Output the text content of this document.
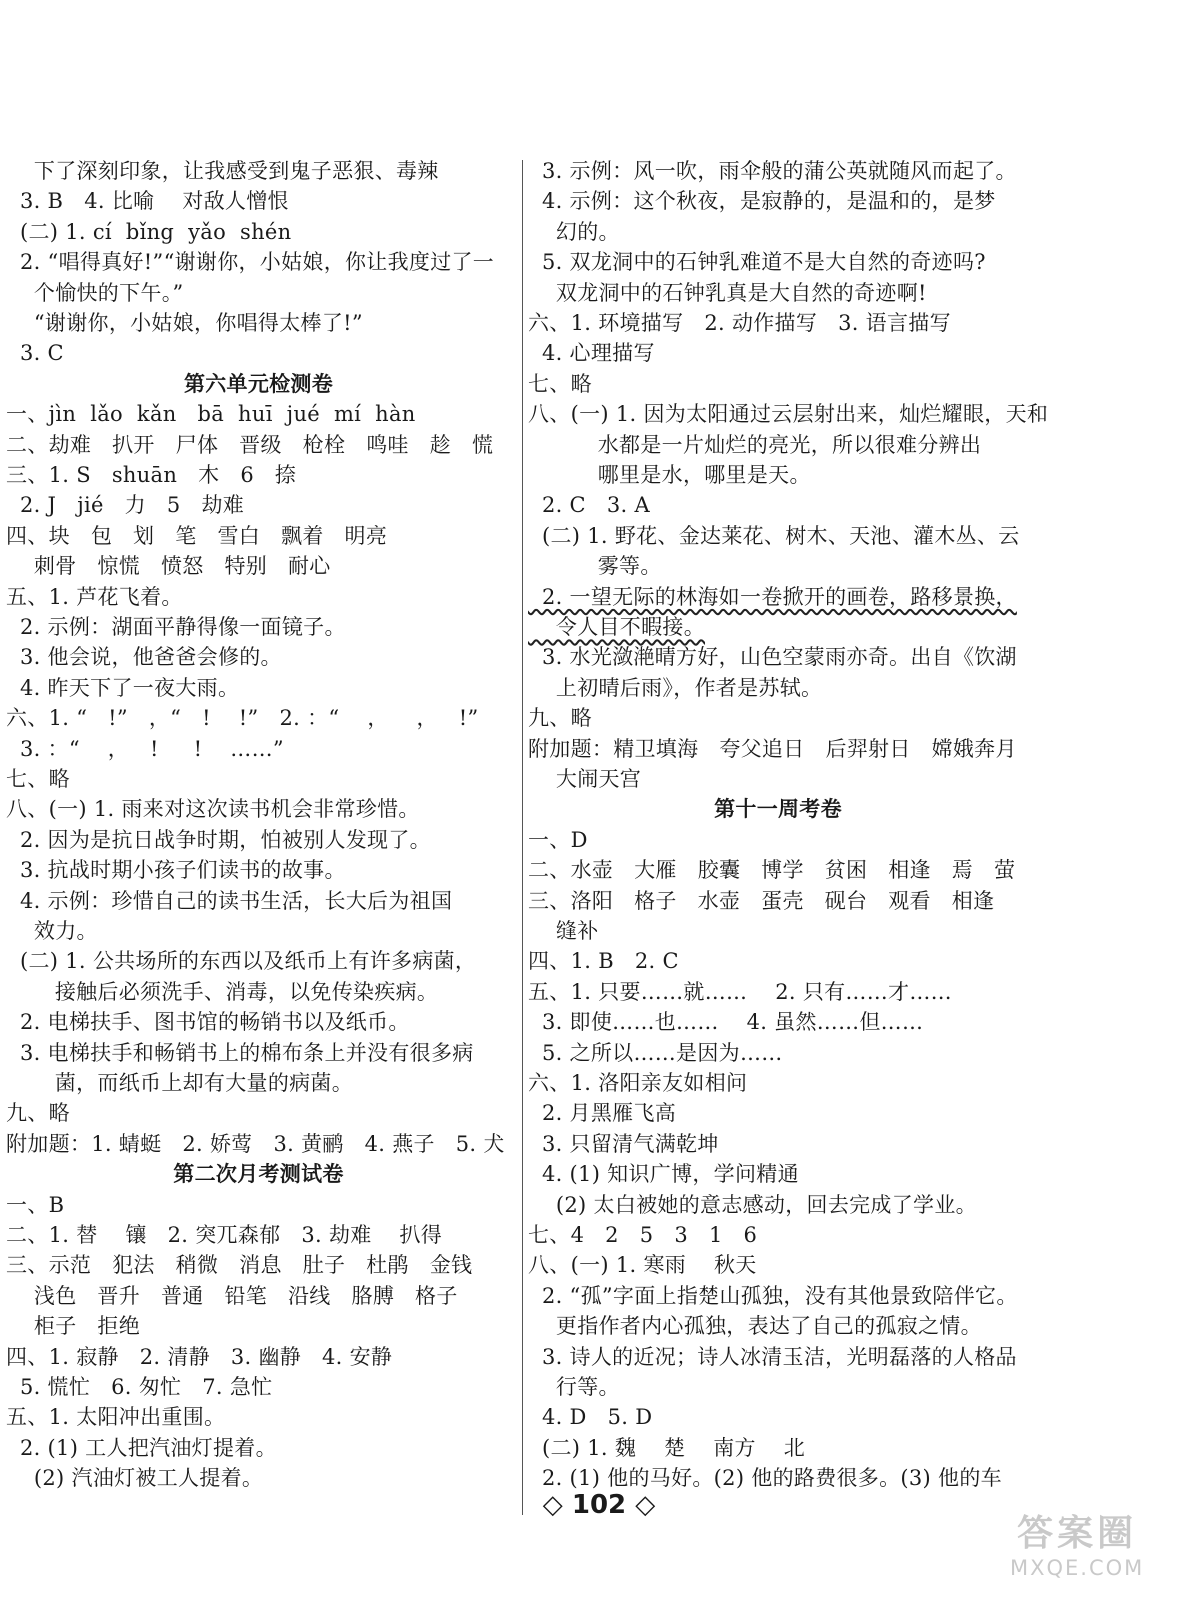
下了深刻印象，让我感受到鬼子恶狠、毒辣
3. B   4. 比喻    对敌人憎恨
(二) 1. cí  bǐng  yǎo  shén
2. “唱得真好!”“谢谢你，小姑娘，你让我度过了一
个愉快的下午。”
“谢谢你，小姑娘，你唱得太棒了!”
3. C
第六单元检测卷
一、jìn  lǎo  kǎn   bā  huī  jué  mí  hàn
二、劫难   扒开   尸体   晋级   枪栓   鸣哇   趁   慌
三、1. S   shuān   木   6   捺
2. J   jié   力   5   劫难
四、块   包   划   笔   雪白   飘着   明亮
刺骨   惊慌   愤怒   特别   耐心
五、1. 芦花飞着。
2. 示例：湖面平静得像一面镜子。
3. 他会说，他爸爸会修的。
4. 昨天下了一夜大雨。
六、1. “   !”   ，“   !    !”   2. ：“    ，    ，   !”
3. ：“    ，   !     !    ……”
七、略
八、(一) 1. 雨来对这次读书机会非常珍惜。
2. 因为是抗日战争时期，怕被别人发现了。
3. 抗战时期小孩子们读书的故事。
4. 示例：珍惜自己的读书生活，长大后为祖国
效力。
(二) 1. 公共场所的东西以及纸币上有许多病菌，
接触后必须洗手、消毒，以免传染疾病。
2. 电梯扶手、图书馆的畅销书以及纸币。
3. 电梯扶手和畅销书上的棉布条上并没有很多病
菌，而纸币上却有大量的病菌。
九、略
附加题：1. 蜻蜓   2. 娇莺   3. 黄鹂   4. 燕子   5. 犬
第二次月考测试卷
一、B
二、1. 替    镶   2. 突兀森郁   3. 劫难    扒得
三、示范   犯法   稍微   消息   肚子   杜鹃   金钱
浅色   晋升   普通   铅笔   沿线   胳膊   格子
柜子   拒绝
四、1. 寂静   2. 清静   3. 幽静   4. 安静
5. 慌忙   6. 匆忙   7. 急忙
五、1. 太阳冲出重围。
2. (1) 工人把汽油灯提着。
(2) 汽油灯被工人提着。
3. 示例：风一吹，雨伞般的蒲公英就随风而起了。
4. 示例：这个秋夜，是寂静的，是温和的，是梦
幻的。
5. 双龙洞中的石钟乳难道不是大自然的奇迹吗?
双龙洞中的石钟乳真是大自然的奇迹啊!
六、1. 环境描写   2. 动作描写   3. 语言描写
4. 心理描写
七、略
八、(一) 1. 因为太阳通过云层射出来，灿烂耀眼，天和
水都是一片灿烂的亮光，所以很难分辨出
哪里是水，哪里是天。
2. C   3. A
(二) 1. 野花、金达莱花、树木、天池、灌木丛、云
雾等。
2. 一望无际的林海如一卷掀开的画卷，路移景换，
令人目不暇接。
3. 水光潋滟晴方好，山色空蒙雨亦奇。出自《饮湖
上初晴后雨》，作者是苏轼。
九、略
附加题：精卫填海   夸父追日   后羿射日   嫦娥奔月
大闹天宫
第十一周考卷
一、D
二、水壶   大雁   胶囊   博学   贫困   相逢   焉   萤
三、洛阳   格子   水壶   蛋壳   砚台   观看   相逢
缝补
四、1. B   2. C
五、1. 只要……就……    2. 只有……才……
3. 即使……也……    4. 虽然……但……
5. 之所以……是因为……
六、1. 洛阳亲友如相问
2. 月黑雁飞高
3. 只留清气满乾坤
4. (1) 知识广博，学问精通
(2) 太白被她的意志感动，回去完成了学业。
七、4   2   5   3   1   6
八、(一) 1. 寒雨    秋天
2. “孤”字面上指楚山孤独，没有其他景致陪伴它。
更指作者内心孤独，表达了自己的孤寂之情。
3. 诗人的近况；诗人冰清玉洁，光明磊落的人格品
行等。
4. D   5. D
(二) 1. 魏    楚    南方    北
2. (1) 他的马好。(2) 他的路费很多。(3) 他的车
◇ 102 ◇
答案圈
MXQE.COM
